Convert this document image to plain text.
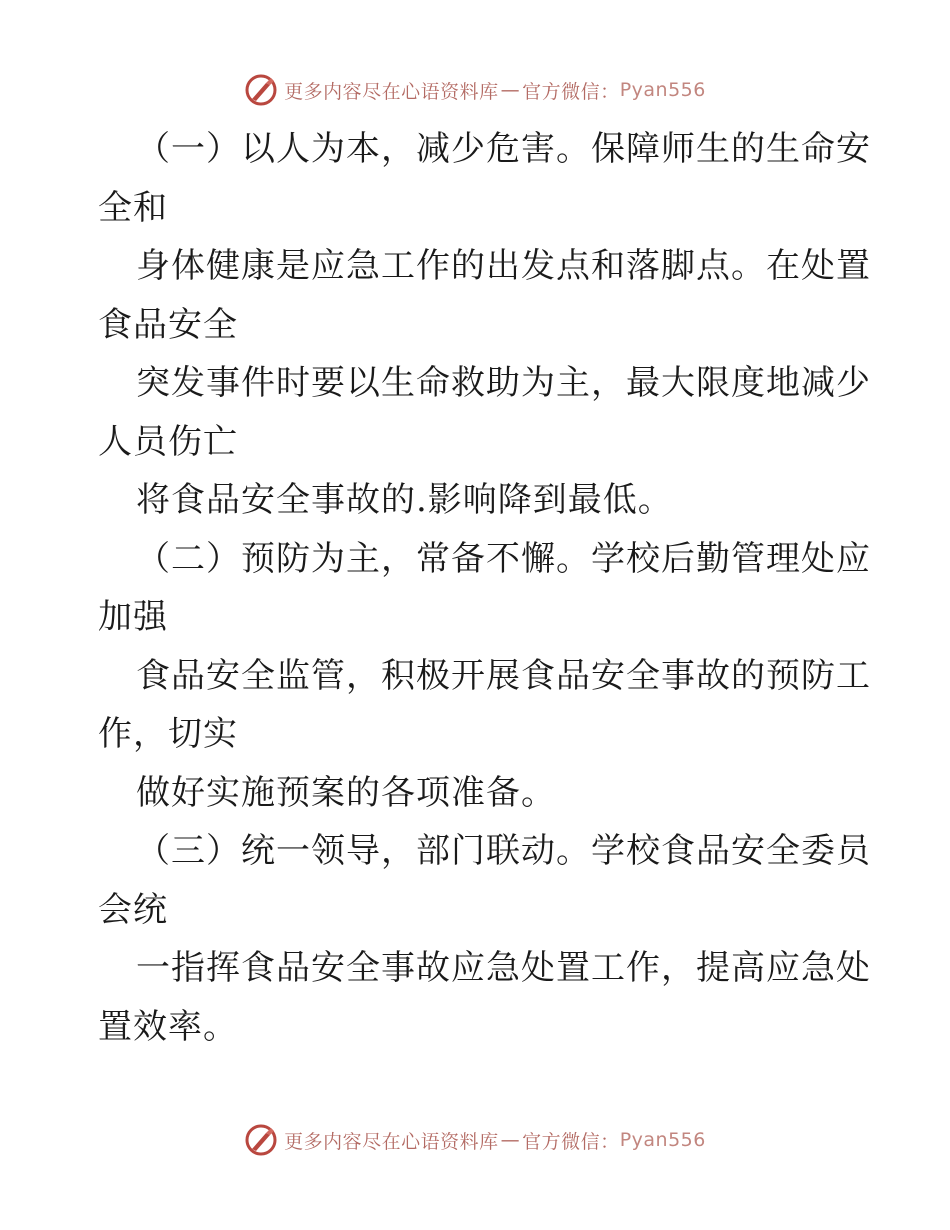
更多内容尽在心语资料库 — 官方微信： Pyan556
（一）以人为本，减少危害。保障师生的生命安
全和
身体健康是应急工作的出发点和落脚点。在处置
食品安全
突发事件时要以生命救助为主，最大限度地减少
人员伤亡
将食品安全事故的.影响降到最低。
（二）预防为主，常备不懈。学校后勤管理处应
加强
食品安全监管，积极开展食品安全事故的预防工
作，切实
做好实施预案的各项准备。
（三）统一领导，部门联动。学校食品安全委员
会统
一指挥食品安全事故应急处置工作，提高应急处
置效率。
更多内容尽在心语资料库 — 官方微信： Pyan556
